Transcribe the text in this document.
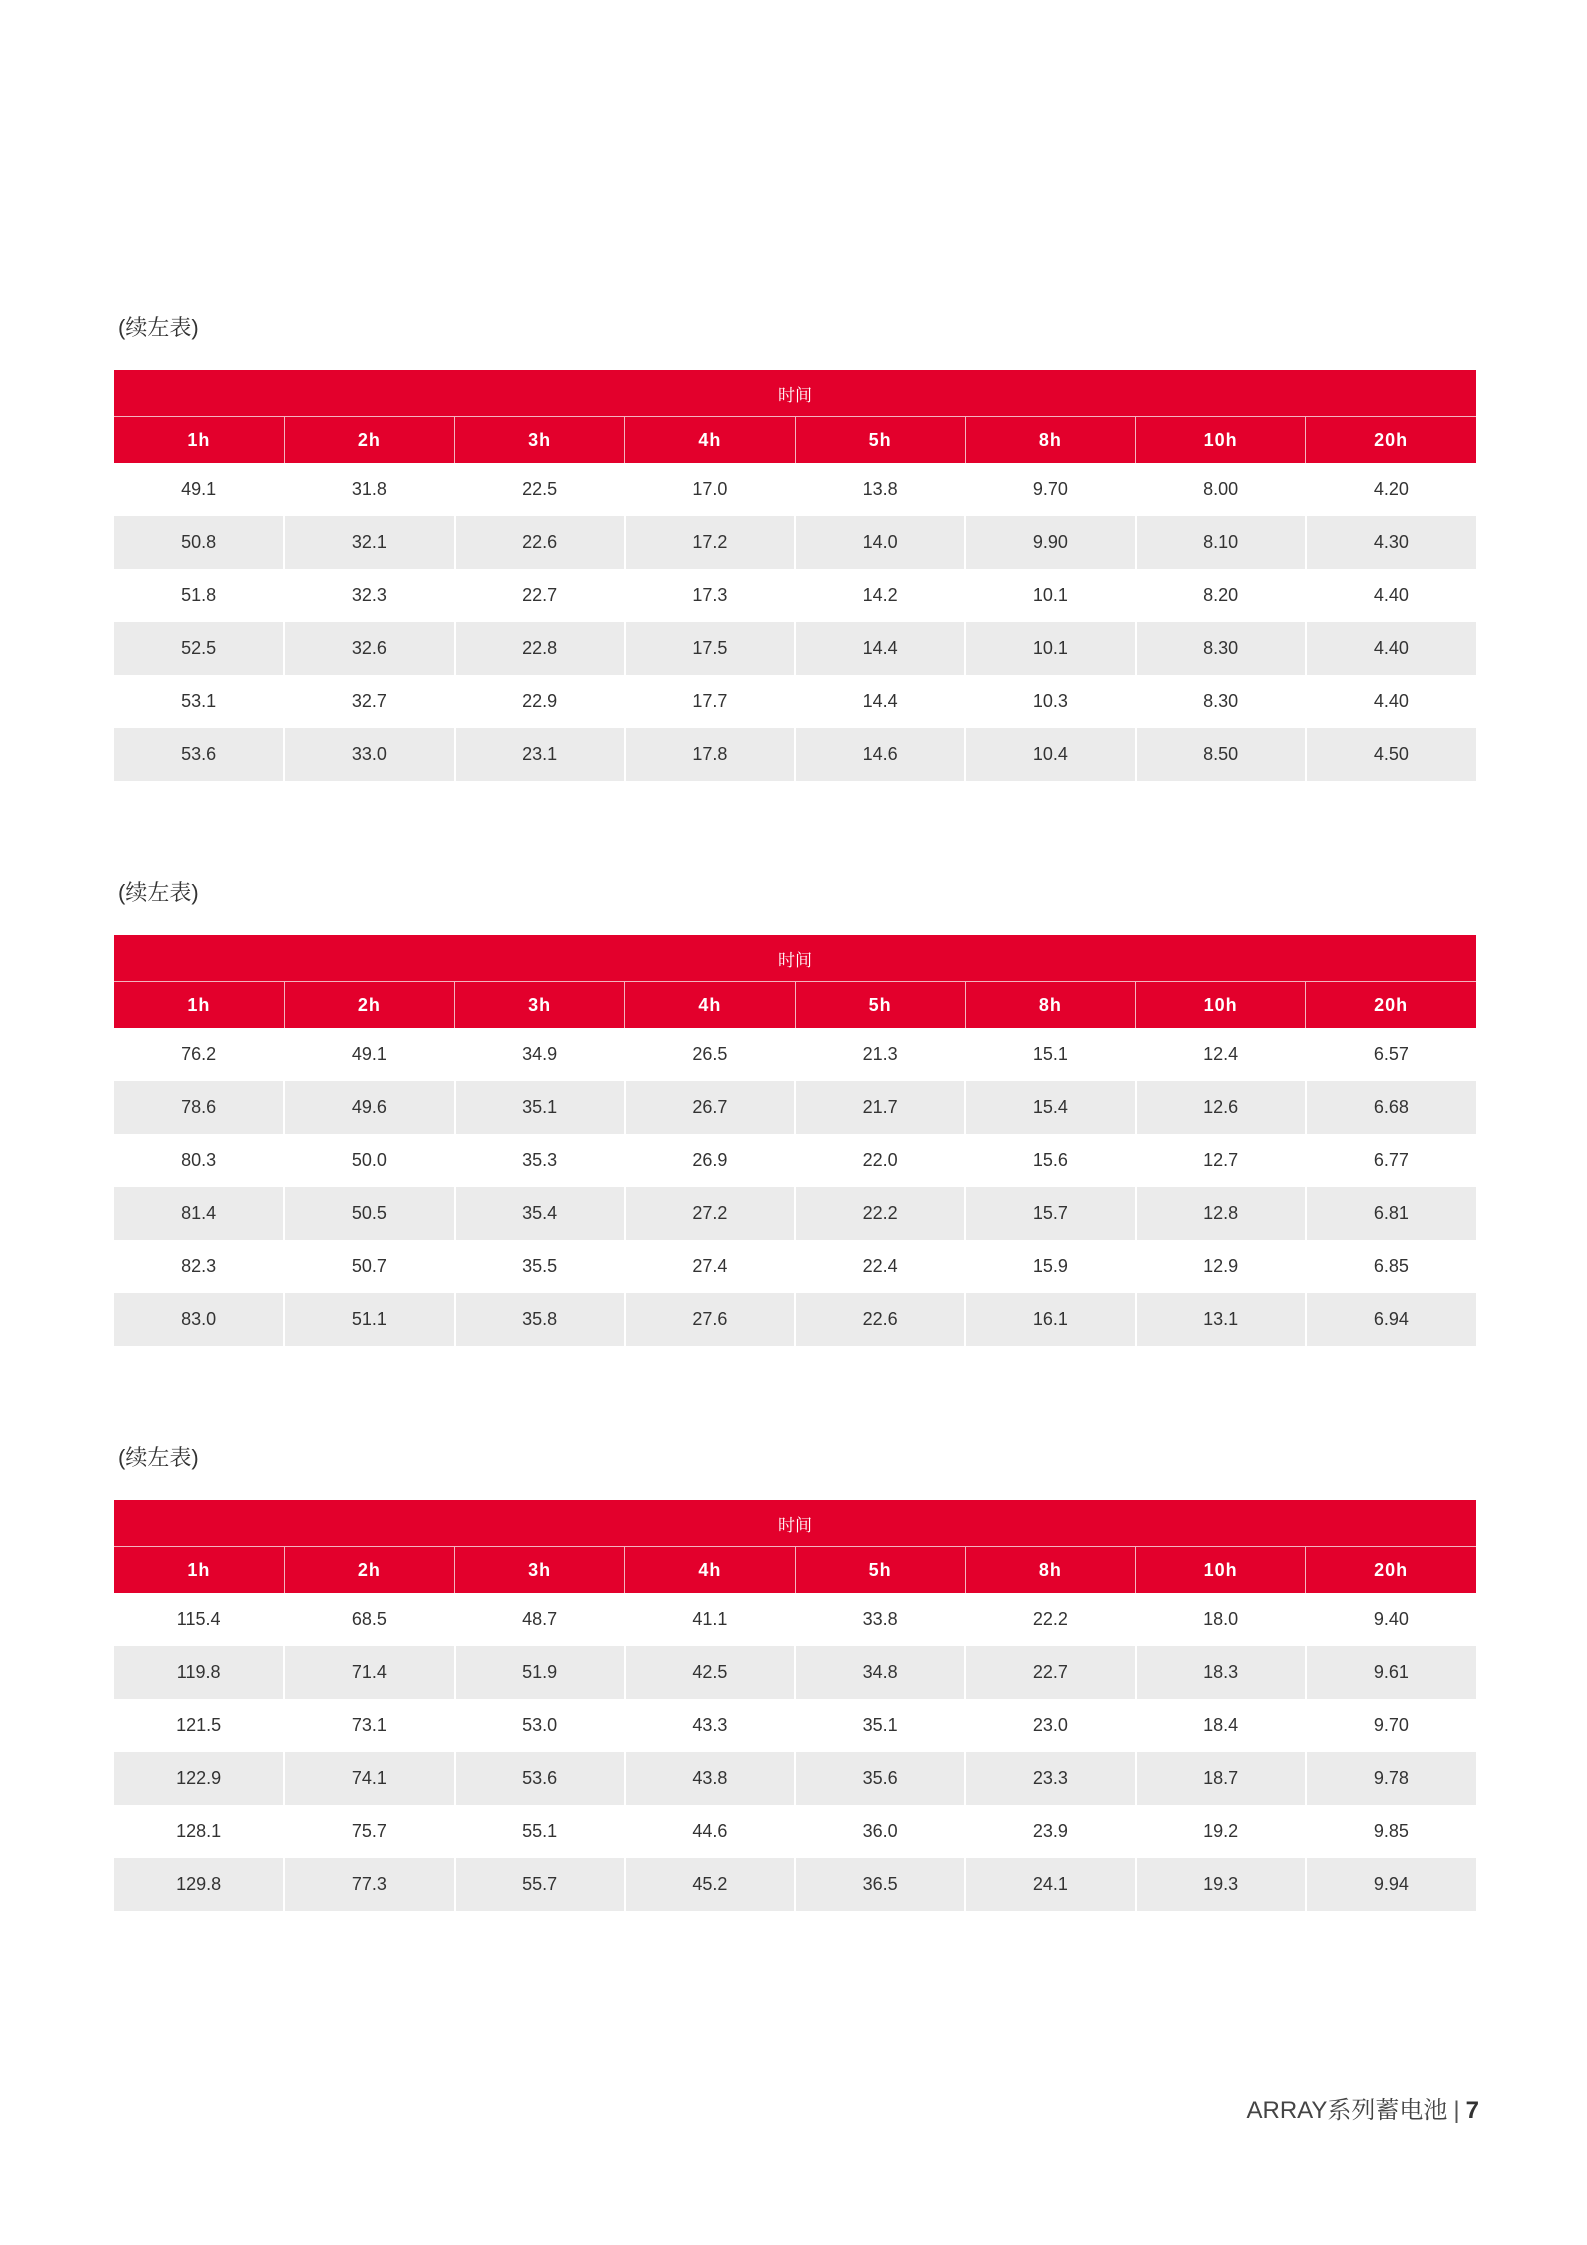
(续左表)
时间							
1h	2h	3h	4h	5h	8h	10h	20h
49.1	31.8	22.5	17.0	13.8	9.70	8.00	4.20
50.8	32.1	22.6	17.2	14.0	9.90	8.10	4.30
51.8	32.3	22.7	17.3	14.2	10.1	8.20	4.40
52.5	32.6	22.8	17.5	14.4	10.1	8.30	4.40
53.1	32.7	22.9	17.7	14.4	10.3	8.30	4.40
53.6	33.0	23.1	17.8	14.6	10.4	8.50	4.50
(续左表)
时间							
1h	2h	3h	4h	5h	8h	10h	20h
76.2	49.1	34.9	26.5	21.3	15.1	12.4	6.57
78.6	49.6	35.1	26.7	21.7	15.4	12.6	6.68
80.3	50.0	35.3	26.9	22.0	15.6	12.7	6.77
81.4	50.5	35.4	27.2	22.2	15.7	12.8	6.81
82.3	50.7	35.5	27.4	22.4	15.9	12.9	6.85
83.0	51.1	35.8	27.6	22.6	16.1	13.1	6.94
(续左表)
时间							
1h	2h	3h	4h	5h	8h	10h	20h
115.4	68.5	48.7	41.1	33.8	22.2	18.0	9.40
119.8	71.4	51.9	42.5	34.8	22.7	18.3	9.61
121.5	73.1	53.0	43.3	35.1	23.0	18.4	9.70
122.9	74.1	53.6	43.8	35.6	23.3	18.7	9.78
128.1	75.7	55.1	44.6	36.0	23.9	19.2	9.85
129.8	77.3	55.7	45.2	36.5	24.1	19.3	9.94
ARRAY系列蓄电池 | 7
